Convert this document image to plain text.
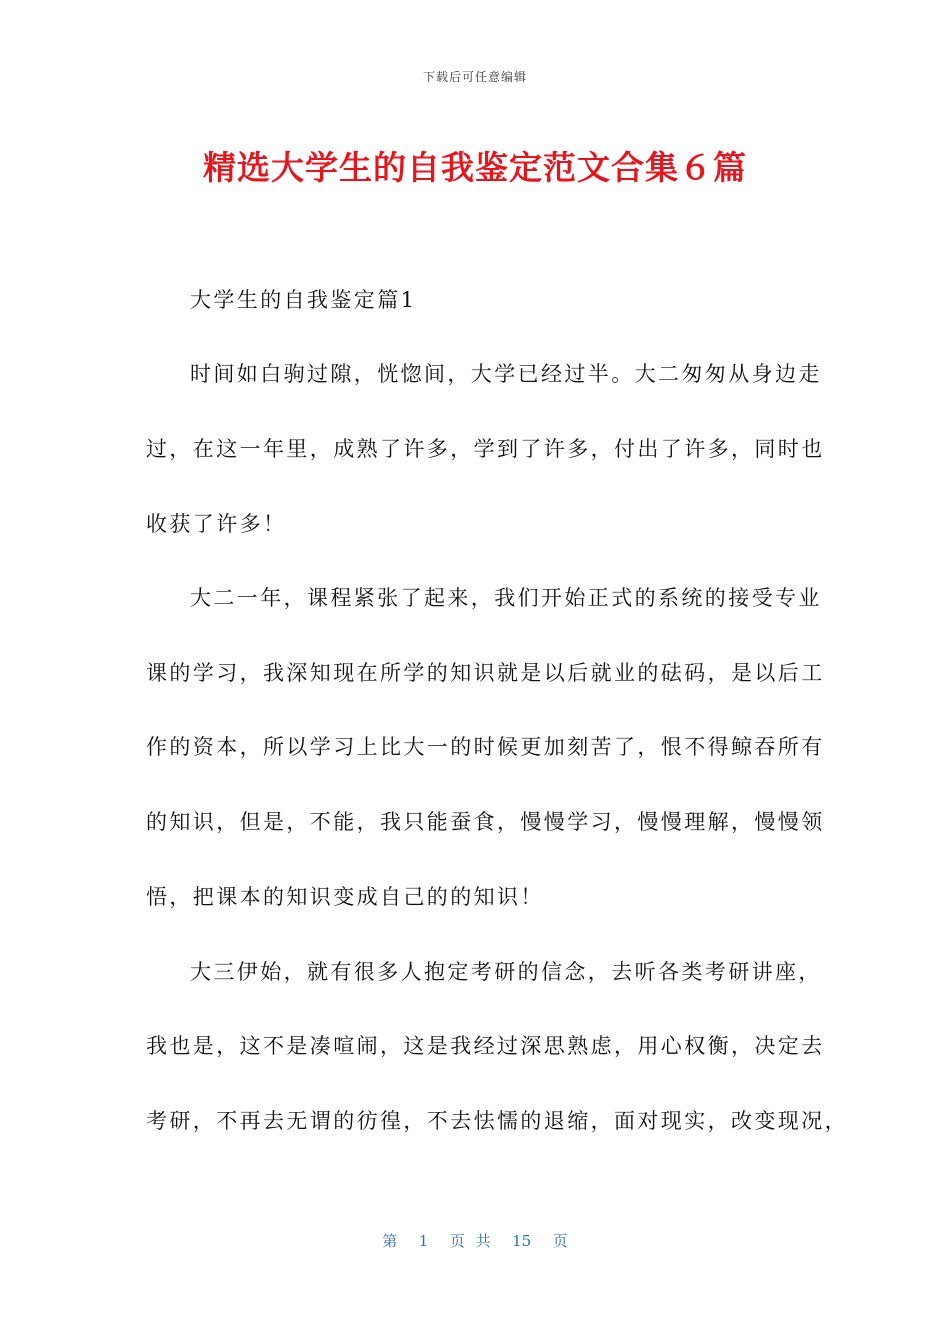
下载后可任意编辑
精选大学生的自我鉴定范文合集６篇
大学生的自我鉴定篇1
时间如白驹过隙，恍惚间，大学已经过半。大二匆匆从身边走
过，在这一年里，成熟了许多，学到了许多，付出了许多，同时也
收获了许多！
大二一年，课程紧张了起来，我们开始正式的系统的接受专业
课的学习，我深知现在所学的知识就是以后就业的砝码，是以后工
作的资本，所以学习上比大一的时候更加刻苦了，恨不得鲸吞所有
的知识，但是，不能，我只能蚕食，慢慢学习，慢慢理解，慢慢领
悟，把课本的知识变成自己的的知识！
大三伊始，就有很多人抱定考研的信念，去听各类考研讲座，
我也是，这不是凑喧闹，这是我经过深思熟虑，用心权衡，决定去
考研，不再去无谓的彷徨，不去怯懦的退缩，面对现实，改变现况，
第  1  页 共  15  页
